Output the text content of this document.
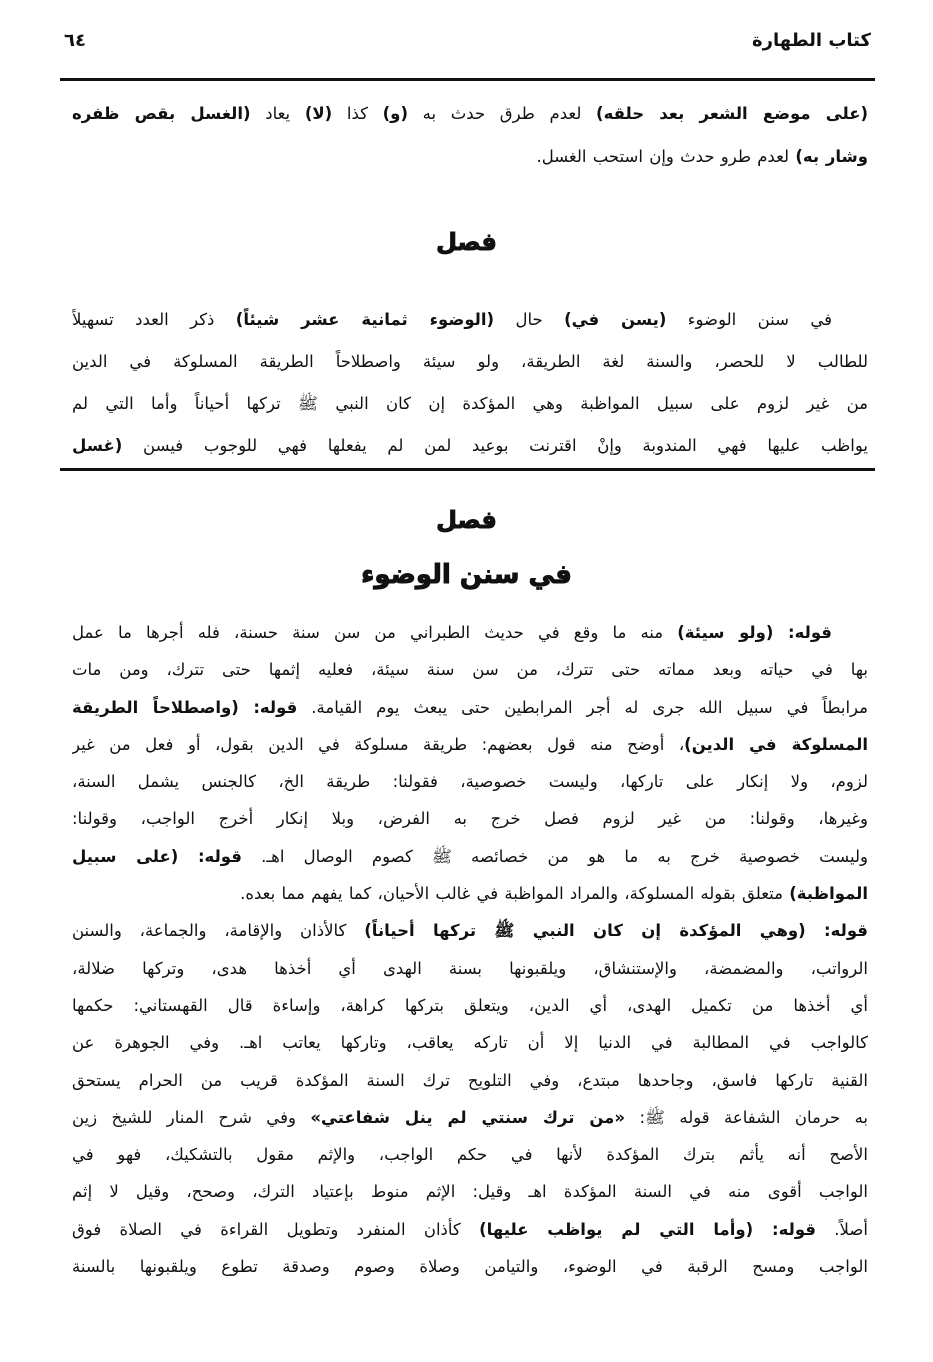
كتاب الطهارة
٦٤
(على موضع الشعر بعد حلقه) لعدم طرق حدث به (و) كذا (لا) يعاد (الغسل بقص ظفره
وشار به) لعدم طرو حدث وإن استحب الغسل.
فصل
في سنن الوضوء (يسن في) حال (الوضوء ثمانية عشر شيئاً) ذكر العدد تسهيلاً
للطالب لا للحصر، والسنة لغة الطريقة، ولو سيئة واصطلاحاً الطريقة المسلوكة في الدين
من غير لزوم على سبيل المواظبة وهي المؤكدة إن كان النبي ﷺ تركها أحياناً وأما التي لم
يواظب عليها فهي المندوبة وإنْ اقترنت بوعيد لمن لم يفعلها فهي للوجوب فيسن (غسل
فصل
في سنن الوضوء
قوله: (ولو سيئة) منه ما وقع في حديث الطبراني من سن سنة حسنة، فله أجرها ما عمل
بها في حياته وبعد مماته حتى تترك، من سن سنة سيئة، فعليه إثمها حتى تترك، ومن مات
مرابطاً في سبيل الله جرى له أجر المرابطين حتى يبعث يوم القيامة. قوله: (واصطلاحاً الطريقة
المسلوكة في الدين)، أوضح منه قول بعضهم: طريقة مسلوكة في الدين بقول، أو فعل من غير
لزوم، ولا إنكار على تاركها، وليست خصوصية، فقولنا: طريقة الخ، كالجنس يشمل السنة،
وغيرها، وقولنا: من غير لزوم فصل خرج به الفرض، وبلا إنكار أخرج الواجب، وقولنا:
وليست خصوصية خرج به ما هو من خصائصه ﷺ كصوم الوصال اهـ. قوله: (على سبيل
المواظبة) متعلق بقوله المسلوكة، والمراد المواظبة في غالب الأحيان، كما يفهم مما بعده.
قوله: (وهي المؤكدة إن كان النبي ﷺ تركها أحياناً) كالأذان والإقامة، والجماعة، والسنن
الرواتب، والمضمضة، والإستنشاق، ويلقبونها بسنة الهدى أي أخذها هدى، وتركها ضلالة،
أي أخذها من تكميل الهدى، أي الدين، ويتعلق بتركها كراهة، وإساءة قال القهستاني: حكمها
كالواجب في المطالبة في الدنيا إلا أن تاركه يعاقب، وتاركها يعاتب اهـ. وفي الجوهرة عن
القنية تاركها فاسق، وجاحدها مبتدع، وفي التلويح ترك السنة المؤكدة قريب من الحرام يستحق
به حرمان الشفاعة قوله ﷺ: «من ترك سنتي لم ينل شفاعتي» وفي شرح المنار للشيخ زين
الأصح أنه يأثم بترك المؤكدة لأنها في حكم الواجب، والإثم مقول بالتشكيك، فهو في
الواجب أقوى منه في السنة المؤكدة اهـ وقيل: الإثم منوط بإعتياد الترك، وصحح، وقيل لا إثم
أصلاً. قوله: (وأما التي لم يواظب عليها) كأذان المنفرد وتطويل القراءة في الصلاة فوق
الواجب ومسح الرقبة في الوضوء، والتيامن وصلاة وصوم وصدقة تطوع ويلقبونها بالسنة
